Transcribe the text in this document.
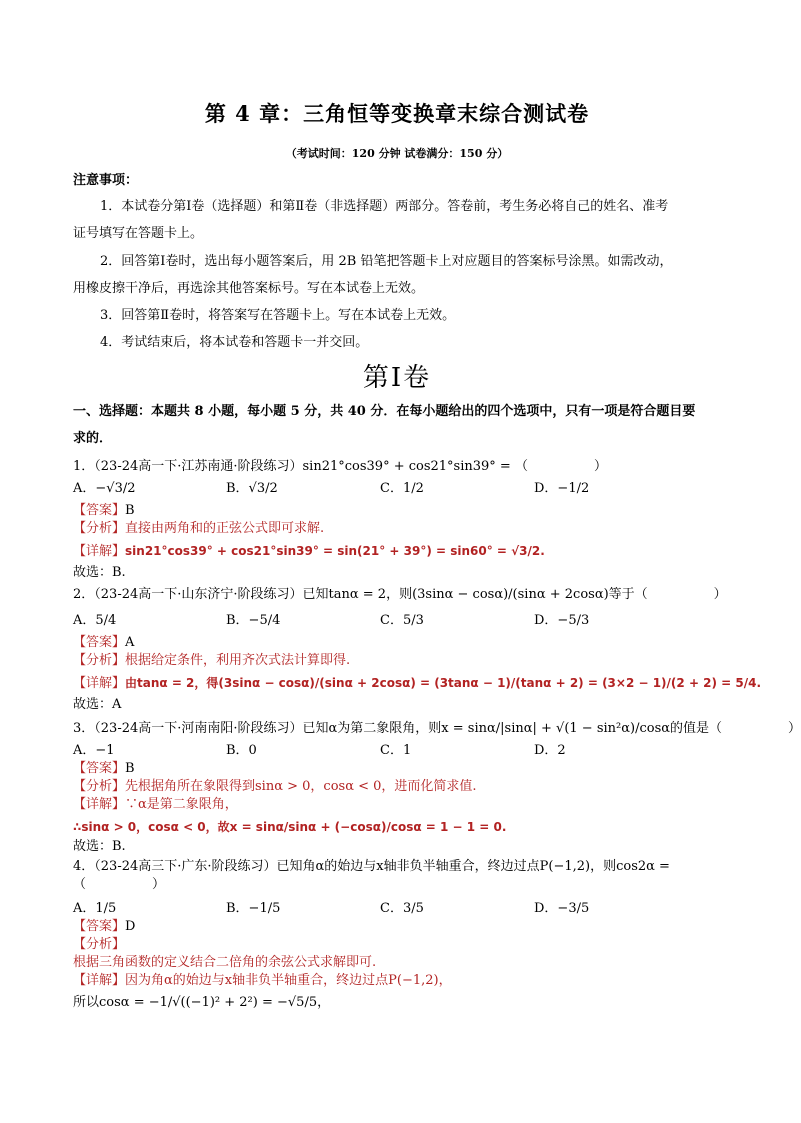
第 4 章：三角恒等变换章末综合测试卷
（考试时间：120 分钟 试卷满分：150 分）
注意事项：
1．本试卷分第Ⅰ卷（选择题）和第Ⅱ卷（非选择题）两部分。答卷前，考生务必将自己的姓名、准考
证号填写在答题卡上。
2．回答第Ⅰ卷时，选出每小题答案后，用 2B 铅笔把答题卡上对应题目的答案标号涂黑。如需改动，
用橡皮擦干净后，再选涂其他答案标号。写在本试卷上无效。
3．回答第Ⅱ卷时，将答案写在答题卡上。写在本试卷上无效。
4．考试结束后，将本试卷和答题卡一并交回。
第Ⅰ卷
一、选择题：本题共 8 小题，每小题 5 分，共 40 分．在每小题给出的四个选项中，只有一项是符合题目要
求的．
1．（23-24高一下·江苏南通·阶段练习）sin21°cos39° + cos21°sin39° = （	）
A．−√3/2	B．√3/2	C．1/2	D．−1/2
【答案】B
【分析】直接由两角和的正弦公式即可求解.
【详解】sin21°cos39° + cos21°sin39° = sin(21° + 39°) = sin60° = √3/2.
故选：B.
2．（23-24高一下·山东济宁·阶段练习）已知tanα = 2，则(3sinα − cosα)/(sinα + 2cosα)等于（	）
A．5/4	B．−5/4	C．5/3	D．−5/3
【答案】A
【分析】根据给定条件，利用齐次式法计算即得.
【详解】由tanα = 2，得(3sinα − cosα)/(sinα + 2cosα) = (3tanα − 1)/(tanα + 2) = (3×2 − 1)/(2 + 2) = 5/4.
故选：A
3．（23-24高一下·河南南阳·阶段练习）已知α为第二象限角，则x = sinα/|sinα| + √(1 − sin²α)/cosα的值是（	）
A．−1	B．0	C．1	D．2
【答案】B
【分析】先根据角所在象限得到sinα > 0，cosα < 0，进而化简求值.
【详解】∵α是第二象限角，
∴sinα > 0，cosα < 0，故x = sinα/sinα + (−cosα)/cosα = 1 − 1 = 0.
故选：B.
4．（23-24高三下·广东·阶段练习）已知角α的始边与x轴非负半轴重合，终边过点P(−1,2)，则cos2α =
（	）
A．1/5	B．−1/5	C．3/5	D．−3/5
【答案】D
【分析】
根据三角函数的定义结合二倍角的余弦公式求解即可.
【详解】因为角α的始边与x轴非负半轴重合，终边过点P(−1,2)，
所以cosα = −1/√((−1)² + 2²) = −√5/5，
